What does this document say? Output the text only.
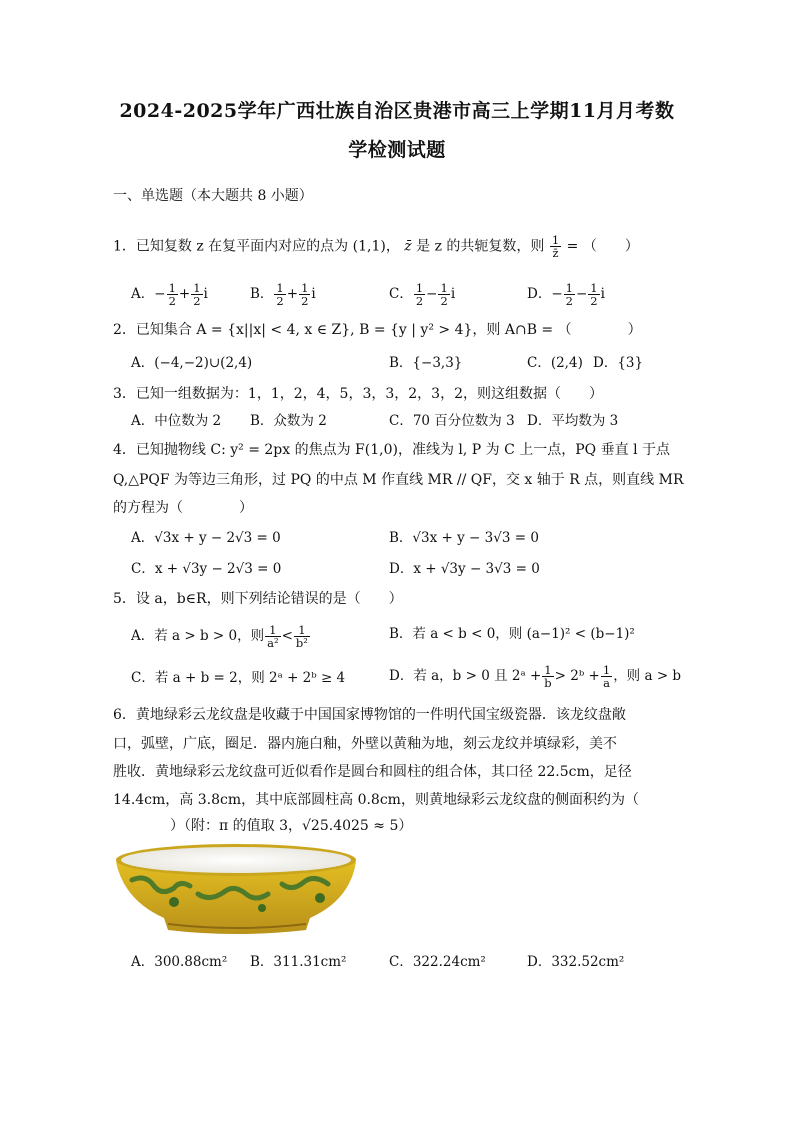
2024-2025学年广西壮族自治区贵港市高三上学期11月月考数
学检测试题
一、单选题（本大题共 8 小题）
1．已知复数 z 在复平面内对应的点为 (1,1)， z̄ 是 z 的共轭复数，则 $\frac{1}{z̄}$ = （　　）
A．− $\frac{1}{2} + \frac{1}{2}$ i	B． $\frac{1}{2} + \frac{1}{2}$ i	C． $\frac{1}{2} - \frac{1}{2}$ i	D．− $\frac{1}{2} - \frac{1}{2}$ i
2．已知集合 A = {x||x| < 4, x ∈ Z}, B = {y | y² > 4}，则 A∩B = （　　　　）
A．(−4,−2)∪(2,4)	B．{−3,3}	C．(2,4) D．{3}
3．已知一组数据为：1，1，2，4，5，3，3，2，3，2，则这组数据（　　）
A．中位数为 2 B．众数为 2	C．70 百分位数为 3 D．平均数为 3
4．已知抛物线 C: y² = 2px 的焦点为 F(1,0)，准线为 l, P 为 C 上一点，PQ 垂直 l 于点
Q,△PQF 为等边三角形，过 PQ 的中点 M 作直线 MR // QF，交 x 轴于 R 点，则直线 MR
的方程为（　　　　）
A．√3x + y − 2√3 = 0	B．√3x + y − 3√3 = 0
C．x + √3y − 2√3 = 0	D．x + √3y − 3√3 = 0
5．设 a，b∈R，则下列结论错误的是（　　）
A．若 a > b > 0，则 $\frac{1}{\text{a²}} < \frac{1}{\text{b²}}$	B．若 a < b < 0，则 (a−1)² < (b−1)²
C．若 a + b = 2，则 2ᵃ + 2ᵇ ≥ 4	D．若 a，b > 0 且 2ᵃ + $\frac{1}{b}$ > 2ᵇ + $\frac{1}{a}$ ，则 a > b
6．黄地绿彩云龙纹盘是收藏于中国国家博物馆的一件明代国宝级瓷器．该龙纹盘敞
口，弧壁，广底，圈足．器内施白釉，外壁以黄釉为地，刻云龙纹并填绿彩，美不
胜收．黄地绿彩云龙纹盘可近似看作是圆台和圆柱的组合体，其口径 22.5cm，足径
14.4cm，高 3.8cm，其中底部圆柱高 0.8cm，则黄地绿彩云龙纹盘的侧面积约为（
）（附：π 的值取 3，√25.4025 ≈ 5）
A．300.88cm² B．311.31cm²	C．322.24cm²	D．332.52cm²
